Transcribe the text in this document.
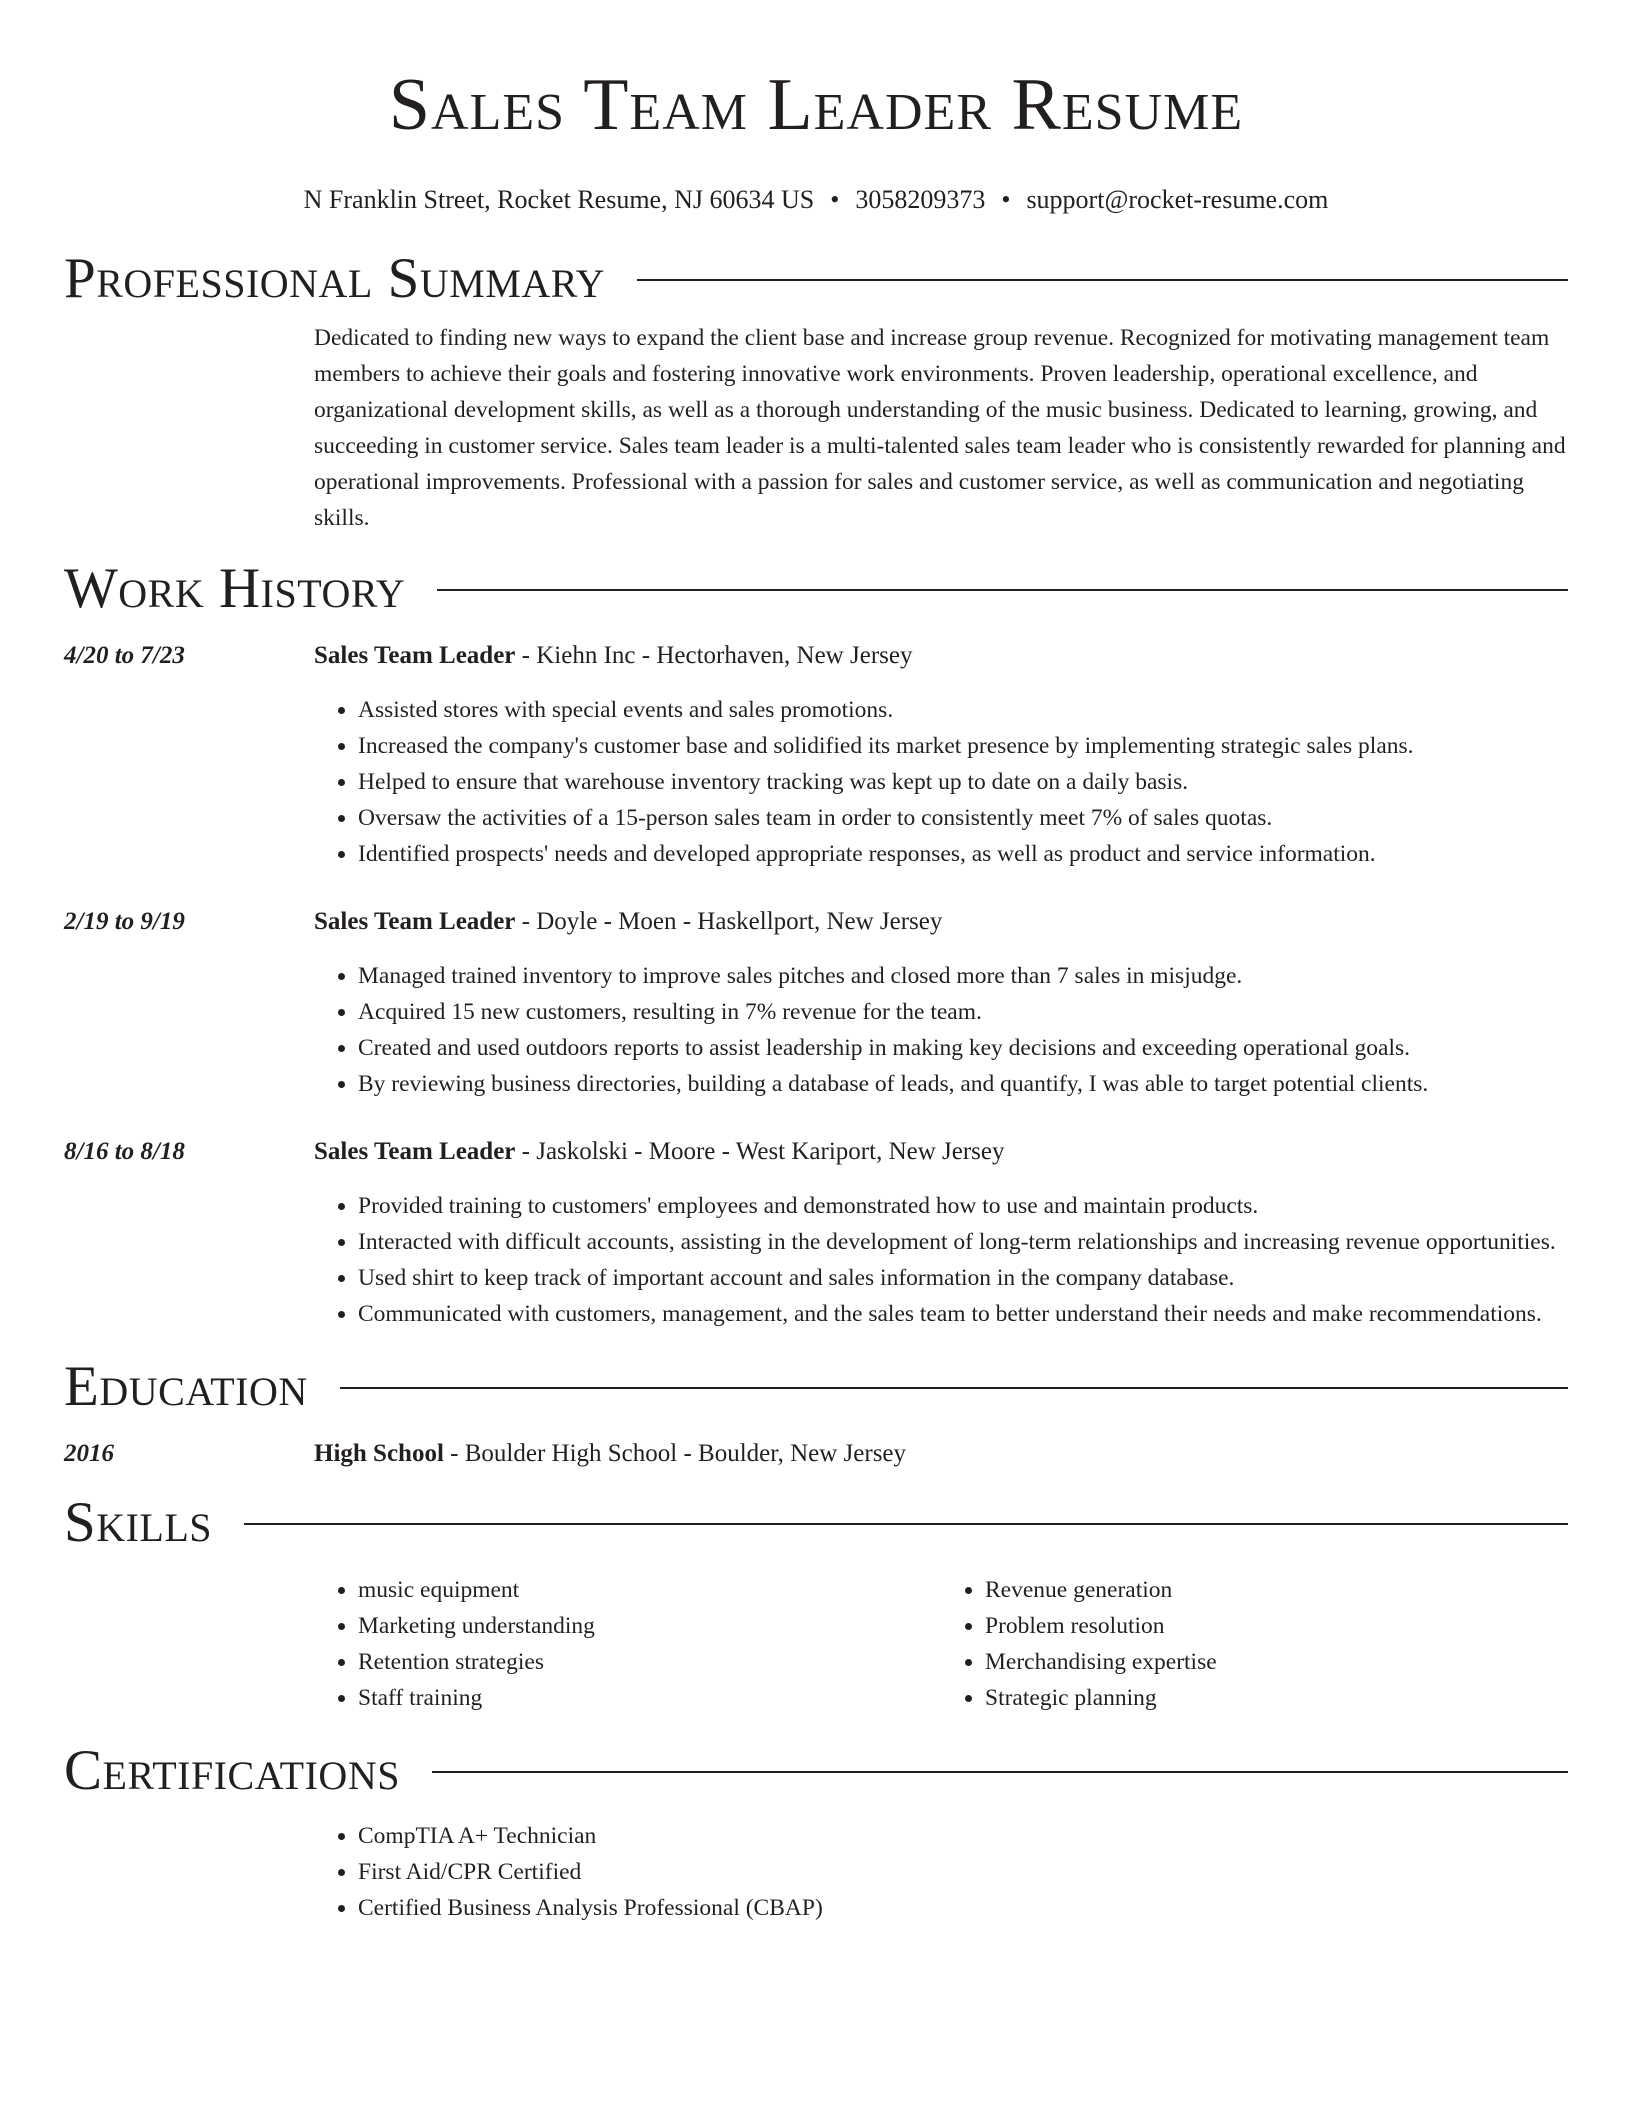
Sales Team Leader Resume
N Franklin Street, Rocket Resume, NJ 60634 US • 3058209373 • support@rocket-resume.com
Professional Summary

Dedicated to finding new ways to expand the client base and increase group revenue. Recognized for motivating management team members to achieve their goals and fostering innovative work environments. Proven leadership, operational excellence, and organizational development skills, as well as a thorough understanding of the music business. Dedicated to learning, growing, and succeeding in customer service. Sales team leader is a multi-talented sales team leader who is consistently rewarded for planning and operational improvements. Professional with a passion for sales and customer service, as well as communication and negotiating skills.

Work History
4/20 to 7/23	Sales Team Leader - Kiehn Inc - Hectorhaven, New Jersey
• Assisted stores with special events and sales promotions.
• Increased the company's customer base and solidified its market presence by implementing strategic sales plans.
• Helped to ensure that warehouse inventory tracking was kept up to date on a daily basis.
• Oversaw the activities of a 15-person sales team in order to consistently meet 7% of sales quotas.
• Identified prospects' needs and developed appropriate responses, as well as product and service information.
2/19 to 9/19	Sales Team Leader - Doyle - Moen - Haskellport, New Jersey
• Managed trained inventory to improve sales pitches and closed more than 7 sales in misjudge.
• Acquired 15 new customers, resulting in 7% revenue for the team.
• Created and used outdoors reports to assist leadership in making key decisions and exceeding operational goals.
• By reviewing business directories, building a database of leads, and quantify, I was able to target potential clients.
8/16 to 8/18	Sales Team Leader - Jaskolski - Moore - West Kariport, New Jersey
• Provided training to customers' employees and demonstrated how to use and maintain products.
• Interacted with difficult accounts, assisting in the development of long-term relationships and increasing revenue opportunities.
• Used shirt to keep track of important account and sales information in the company database.
• Communicated with customers, management, and the sales team to better understand their needs and make recommendations.
Education
2016	High School - Boulder High School - Boulder, New Jersey
Skills
• music equipment
• Marketing understanding
• Retention strategies
• Staff training
• Revenue generation
• Problem resolution
• Merchandising expertise
• Strategic planning
Certifications
• CompTIA A+ Technician
• First Aid/CPR Certified
• Certified Business Analysis Professional (CBAP)
